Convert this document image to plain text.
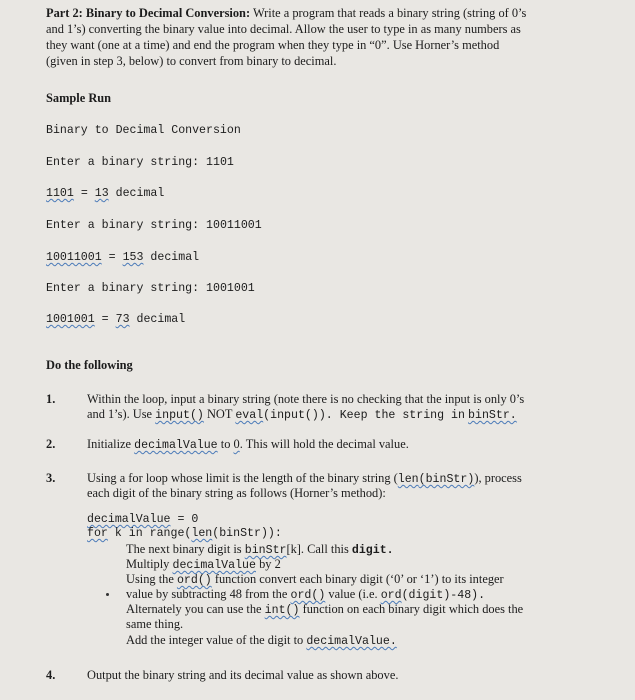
Part 2: Binary to Decimal Conversion: Write a program that reads a binary string (string of 0’s
and 1’s) converting the binary value into decimal. Allow the user to type in as many numbers as
they want (one at a time) and end the program when they type in “0”. Use Horner’s method
(given in step 3, below) to convert from binary to decimal.
Sample Run
Binary to Decimal Conversion
Enter a binary string: 1101
1101 = 13 decimal
Enter a binary string: 10011001
10011001 = 153 decimal
Enter a binary string: 1001001
1001001 = 73 decimal
Do the following
1.	Within the loop, input a binary string (note there is no checking that the input is only 0’s
and 1’s). Use input() NOT eval(input()). Keep the string in binStr.
2.	Initialize decimalValue to 0. This will hold the decimal value.
3.	Using a for loop whose limit is the length of the binary string (len(binStr)), process
each digit of the binary string as follows (Horner’s method):
decimalValue = 0
for k in range(len(binStr)):
The next binary digit is binStr[k]. Call this digit.
Multiply decimalValue by 2
Using the ord() function convert each binary digit (‘0’ or ‘1’) to its integer
value by subtracting 48 from the ord() value (i.e. ord(digit)-48).
Alternately you can use the int() function on each binary digit which does the
same thing.
Add the integer value of the digit to decimalValue.
4.	Output the binary string and its decimal value as shown above.
